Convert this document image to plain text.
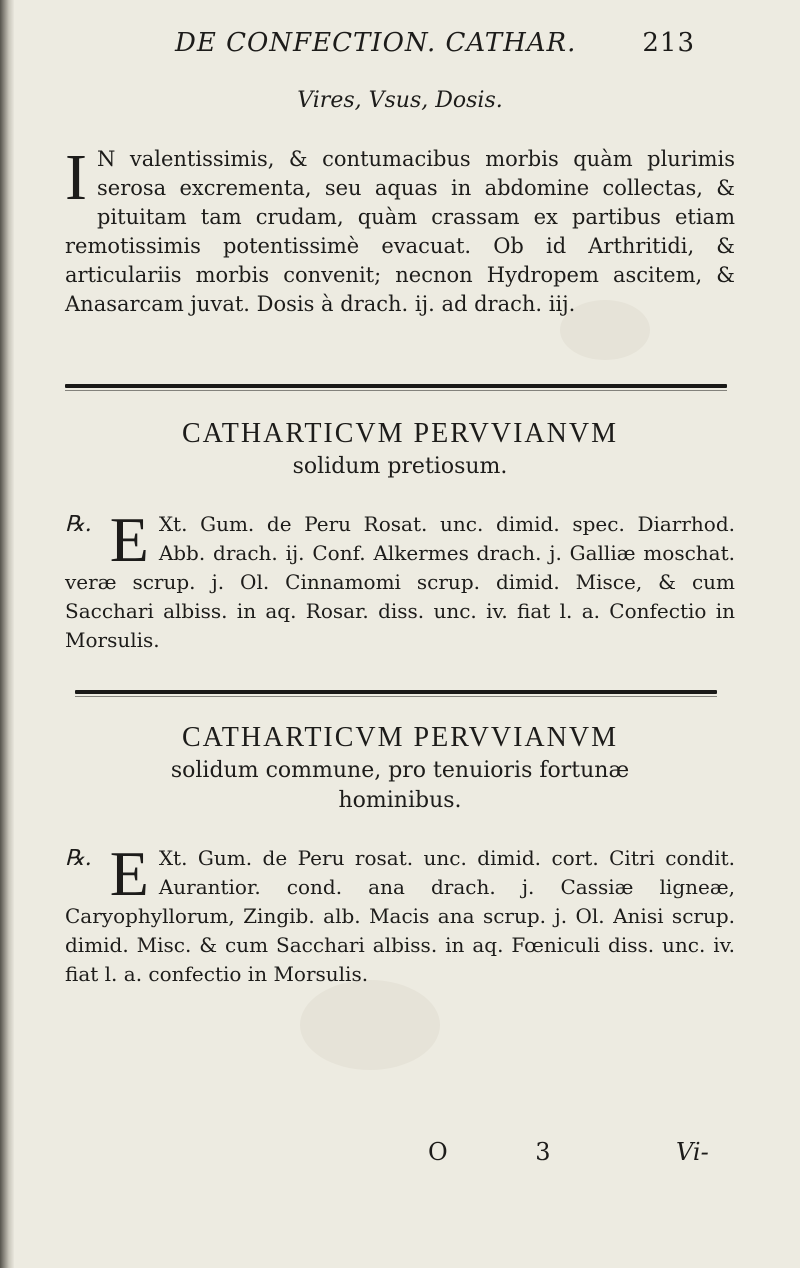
DE CONFECTION. CATHAR.	213
Vires, Vsus, Dosis.
I N valentissimis, & contumacibus morbis quàm plurimis serosa excrementa, seu aquas in abdomine collectas, & pituitam tam crudam, quàm crassam ex partibus etiam remotissimis potentissimè evacuat. Ob id Arthritidi, & articulariis morbis convenit; necnon Hydropem ascitem, & Anasarcam juvat. Dosis à drach. ij. ad drach. iij.
CATHARTICVM PERVVIANVM
solidum pretiosum.
℞. E Xt. Gum. de Peru Rosat. unc. dimid. spec. Diarrhod. Abb. drach. ij. Conf. Alkermes drach. j. Galliæ moschat. veræ scrup. j. Ol. Cinnamomi scrup. dimid. Misce, & cum Sacchari albiss. in aq. Rosar. diss. unc. iv. fiat l. a. Confectio in Morsulis.
CATHARTICVM PERVVIANVM
solidum commune, pro tenuioris fortunæ
hominibus.
℞. E Xt. Gum. de Peru rosat. unc. dimid. cort. Citri condit. Aurantior. cond. ana drach. j. Cassiæ ligneæ, Caryophyllorum, Zingib. alb. Macis ana scrup. j. Ol. Anisi scrup. dimid. Misc. & cum Sacchari albiss. in aq. Fœniculi diss. unc. iv. fiat l. a. confectio in Morsulis.
O 3	Vi-
